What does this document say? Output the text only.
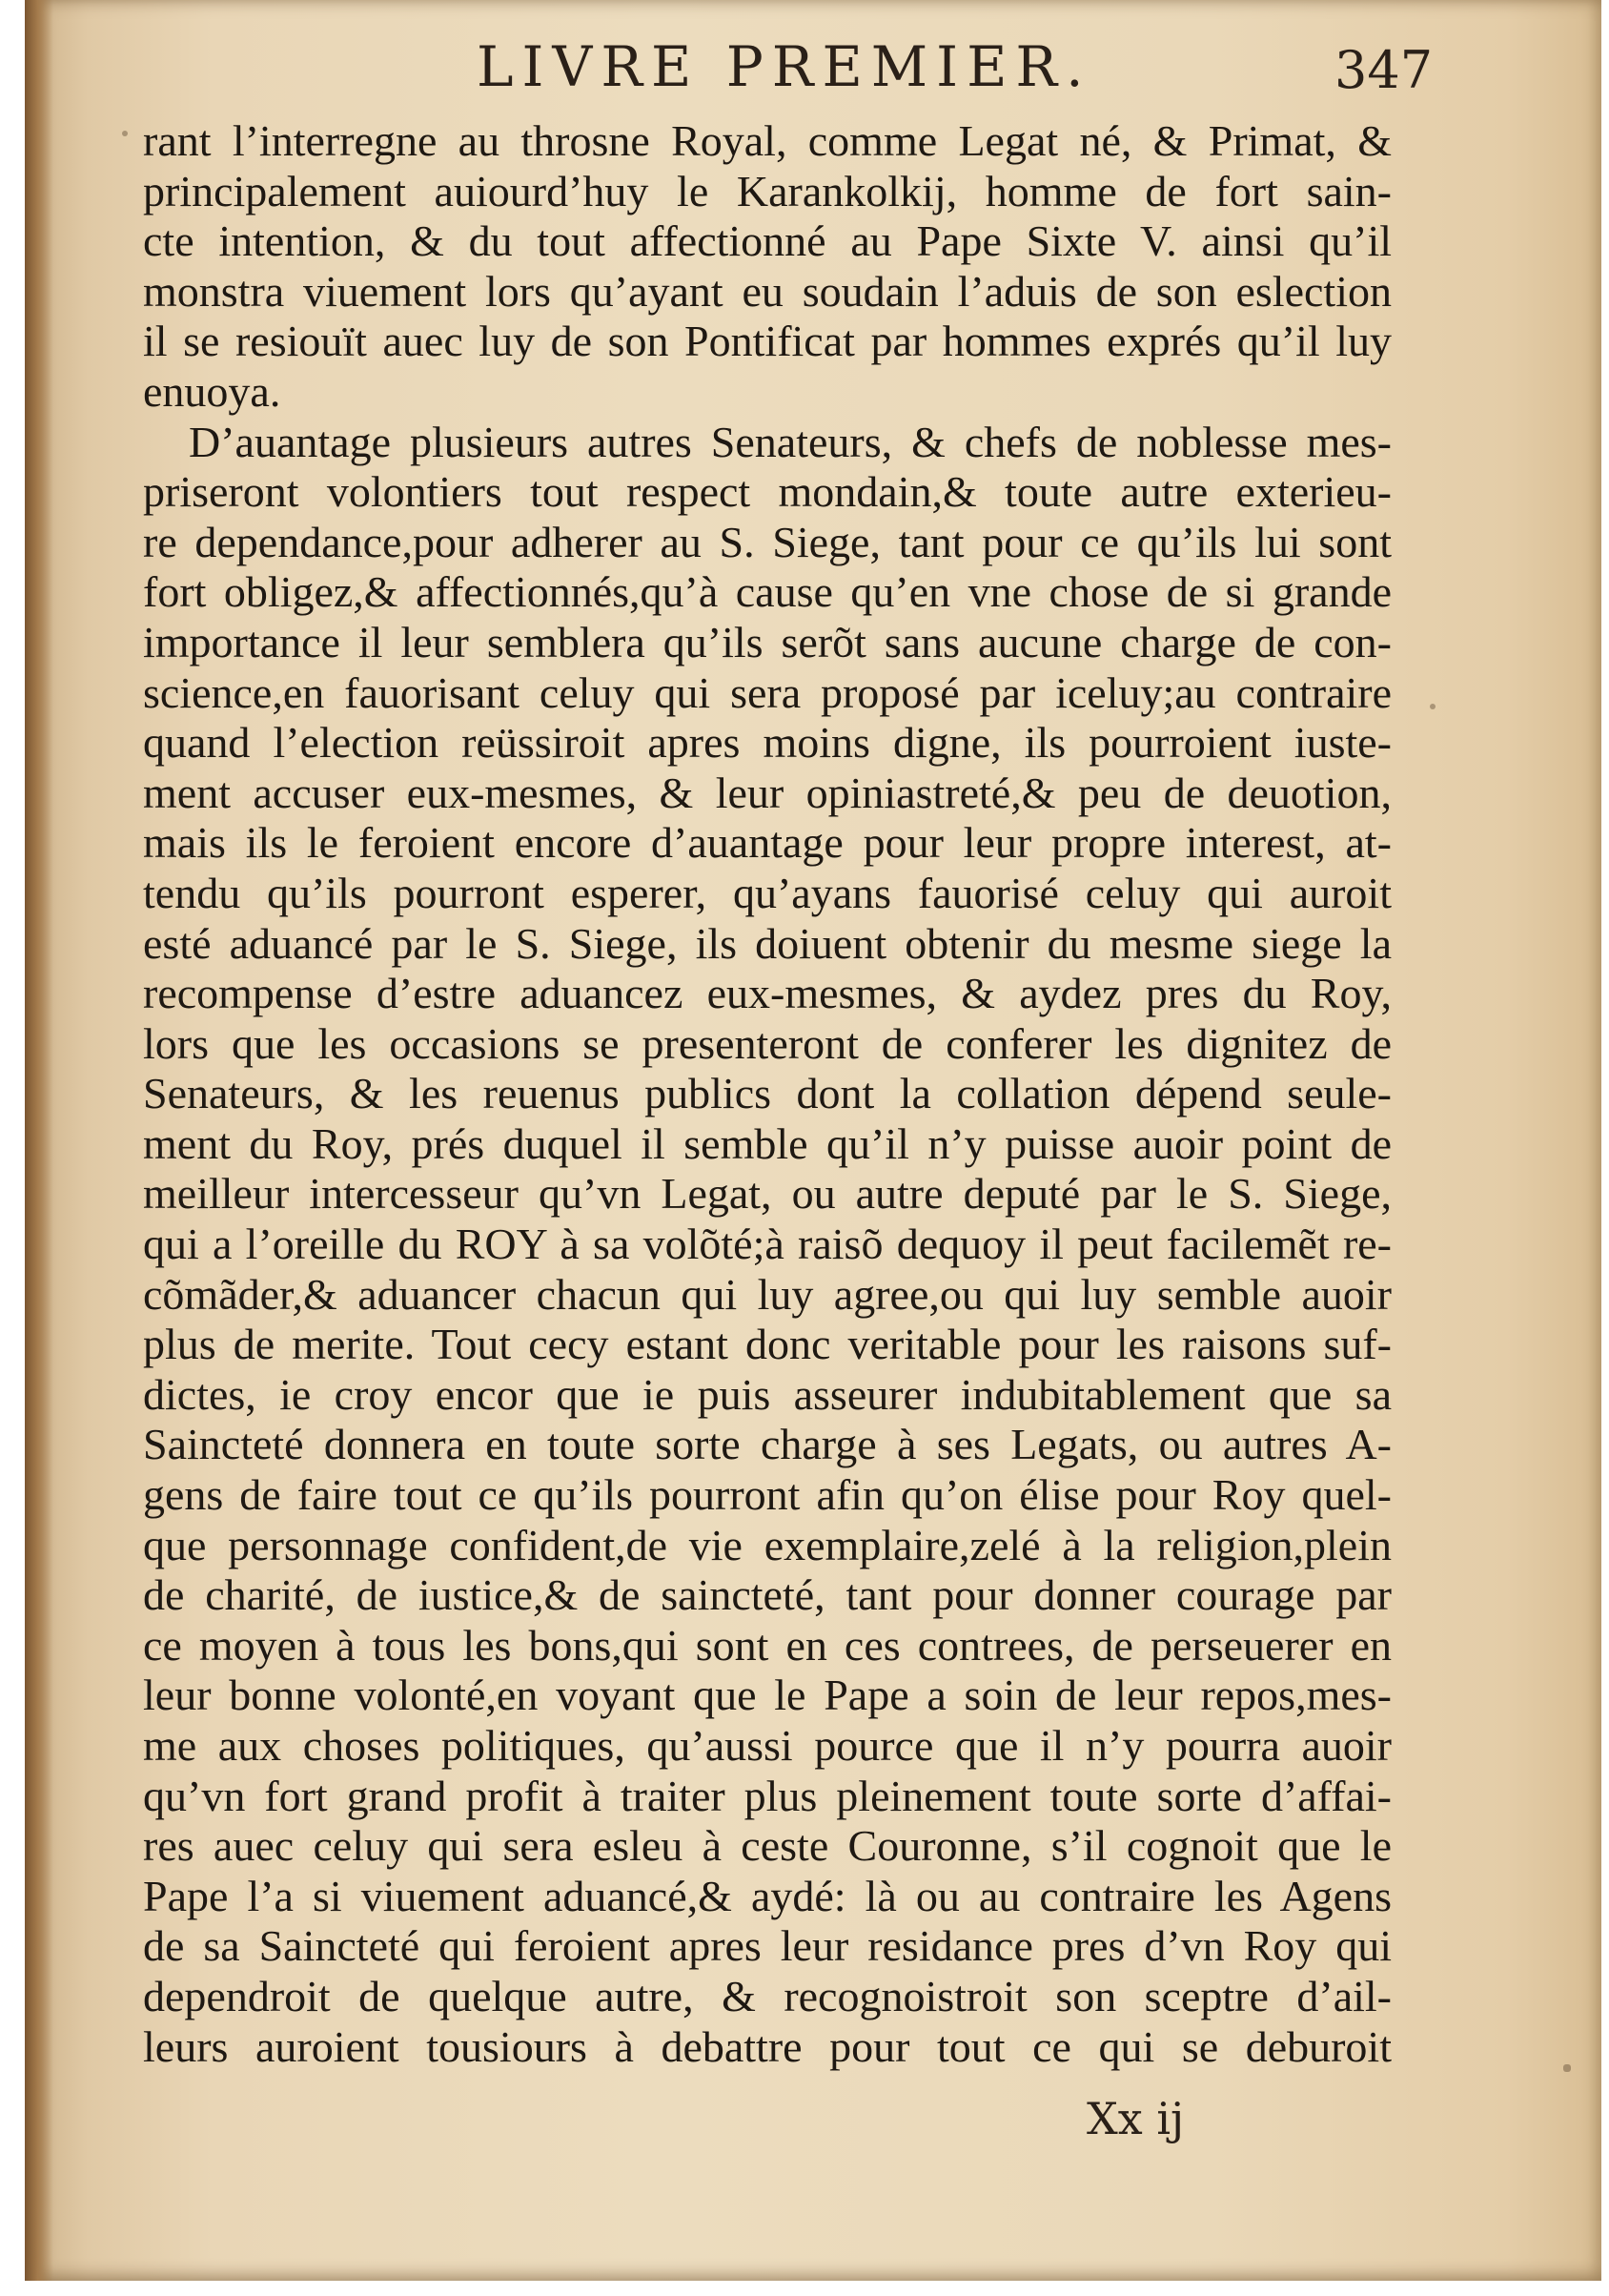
LIVRE PREMIER.	347
rant l’interregne au throsne Royal, comme Legat né, & Primat, &
principalement auiourd’huy le Karankolkij, homme de fort sain-
cte intention, & du tout affectionné au Pape Sixte V. ainsi qu’il
monstra viuement lors qu’ayant eu soudain l’aduis de son eslection
il se resiouït auec luy de son Pontificat par hommes exprés qu’il luy
enuoya.
D’auantage plusieurs autres Senateurs, & chefs de noblesse mes-
priseront volontiers tout respect mondain,& toute autre exterieu-
re dependance,pour adherer au S. Siege, tant pour ce qu’ils lui sont
fort obligez,& affectionnés,qu’à cause qu’en vne chose de si grande
importance il leur semblera qu’ils serõt sans aucune charge de con-
science,en fauorisant celuy qui sera proposé par iceluy;au contraire
quand l’election reüssiroit apres moins digne, ils pourroient iuste-
ment accuser eux-mesmes, & leur opiniastreté,& peu de deuotion,
mais ils le feroient encore d’auantage pour leur propre interest, at-
tendu qu’ils pourront esperer, qu’ayans fauorisé celuy qui auroit
esté aduancé par le S. Siege, ils doiuent obtenir du mesme siege la
recompense d’estre aduancez eux-mesmes, & aydez pres du Roy,
lors que les occasions se presenteront de conferer les dignitez de
Senateurs, & les reuenus publics dont la collation dépend seule-
ment du Roy, prés duquel il semble qu’il n’y puisse auoir point de
meilleur intercesseur qu’vn Legat, ou autre deputé par le S. Siege,
qui a l’oreille du ROY à sa volõté;à raisõ dequoy il peut facilemẽt re-
cõmãder,& aduancer chacun qui luy agree,ou qui luy semble auoir
plus de merite. Tout cecy estant donc veritable pour les raisons suf-
dictes, ie croy encor que ie puis asseurer indubitablement que sa
Saincteté donnera en toute sorte charge à ses Legats, ou autres A-
gens de faire tout ce qu’ils pourront afin qu’on élise pour Roy quel-
que personnage confident,de vie exemplaire,zelé à la religion,plein
de charité, de iustice,& de saincteté, tant pour donner courage par
ce moyen à tous les bons,qui sont en ces contrees, de perseuerer en
leur bonne volonté,en voyant que le Pape a soin de leur repos,mes-
me aux choses politiques, qu’aussi pource que il n’y pourra auoir
qu’vn fort grand profit à traiter plus pleinement toute sorte d’affai-
res auec celuy qui sera esleu à ceste Couronne, s’il cognoit que le
Pape l’a si viuement aduancé,& aydé: là ou au contraire les Agens
de sa Saincteté qui feroient apres leur residance pres d’vn Roy qui
dependroit de quelque autre, & recognoistroit son sceptre d’ail-
leurs auroient tousiours à debattre pour tout ce qui se deburoit
Xx ij
